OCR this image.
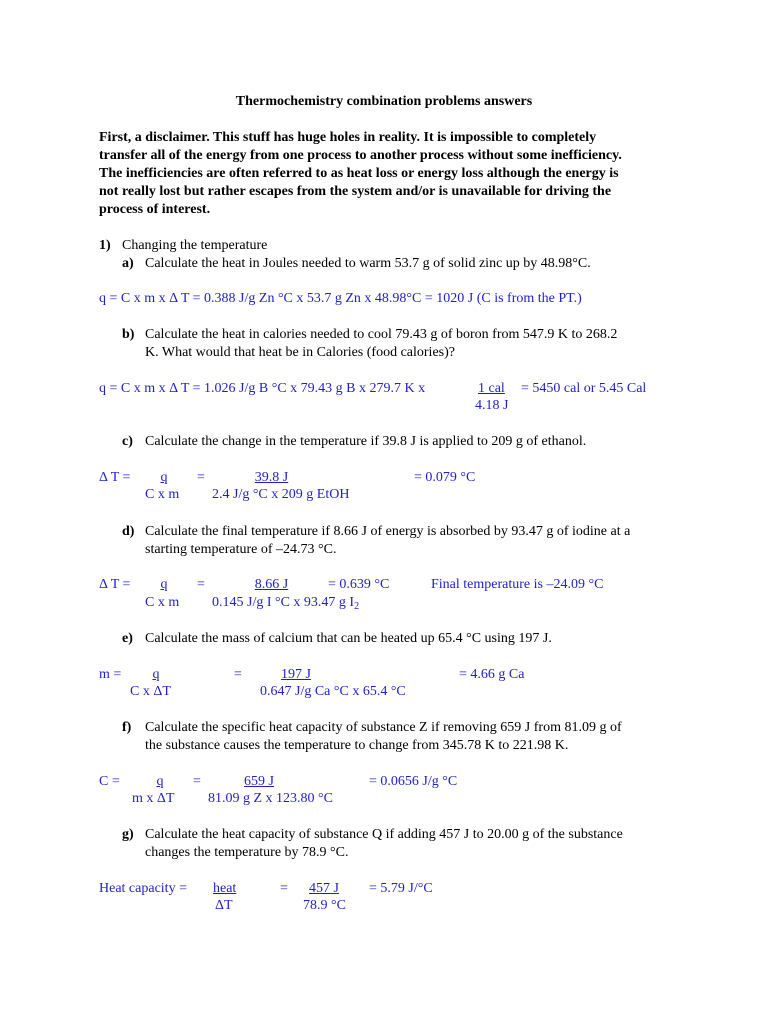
Thermochemistry combination problems answers
First, a disclaimer. This stuff has huge holes in reality. It is impossible to completely
transfer all of the energy from one process to another process without some inefficiency.
The inefficiencies are often referred to as heat loss or energy loss although the energy is
not really lost but rather escapes from the system and/or is unavailable for driving the
process of interest.
1) Changing the temperature
a) Calculate the heat in Joules needed to warm 53.7 g of solid zinc up by 48.98°C.
q = C x m x Δ T = 0.388 J/g Zn °C x 53.7 g Zn x 48.98°C = 1020 J (C is from the PT.)
b) Calculate the heat in calories needed to cool 79.43 g of boron from 547.9 K to 268.2
K. What would that heat be in Calories (food calories)?
q = C x m x Δ T = 1.026 J/g B °C x 79.43 g B x 279.7 K x	1 cal
4.18 J
= 5450 cal or 5.45 Cal
c) Calculate the change in the temperature if 39.8 J is applied to 209 g of ethanol.
Δ T =	q
C x m
=	39.8 J
2.4 J/g °C x 209 g EtOH
= 0.079 °C
d) Calculate the final temperature if 8.66 J of energy is absorbed by 93.47 g of iodine at a
starting temperature of –24.73 °C.
Δ T =	q
C x m
=	8.66 J
0.145 J/g I °C x 93.47 g $I_2$
= 0.639 °C	Final temperature is –24.09 °C
e) Calculate the mass of calcium that can be heated up 65.4 °C using 197 J.
m =	q
C x ΔT
=	197 J
0.647 J/g Ca °C x 65.4 °C
= 4.66 g Ca
f) Calculate the specific heat capacity of substance Z if removing 659 J from 81.09 g of
the substance causes the temperature to change from 345.78 K to 221.98 K.
C =	q
m x ΔT
=	659 J
81.09 g Z x 123.80 °C
= 0.0656 J/g °C
g) Calculate the heat capacity of substance Q if adding 457 J to 20.00 g of the substance
changes the temperature by 78.9 °C.
Heat capacity = heat
ΔT
= 457 J
78.9 °C
= 5.79 J/°C
